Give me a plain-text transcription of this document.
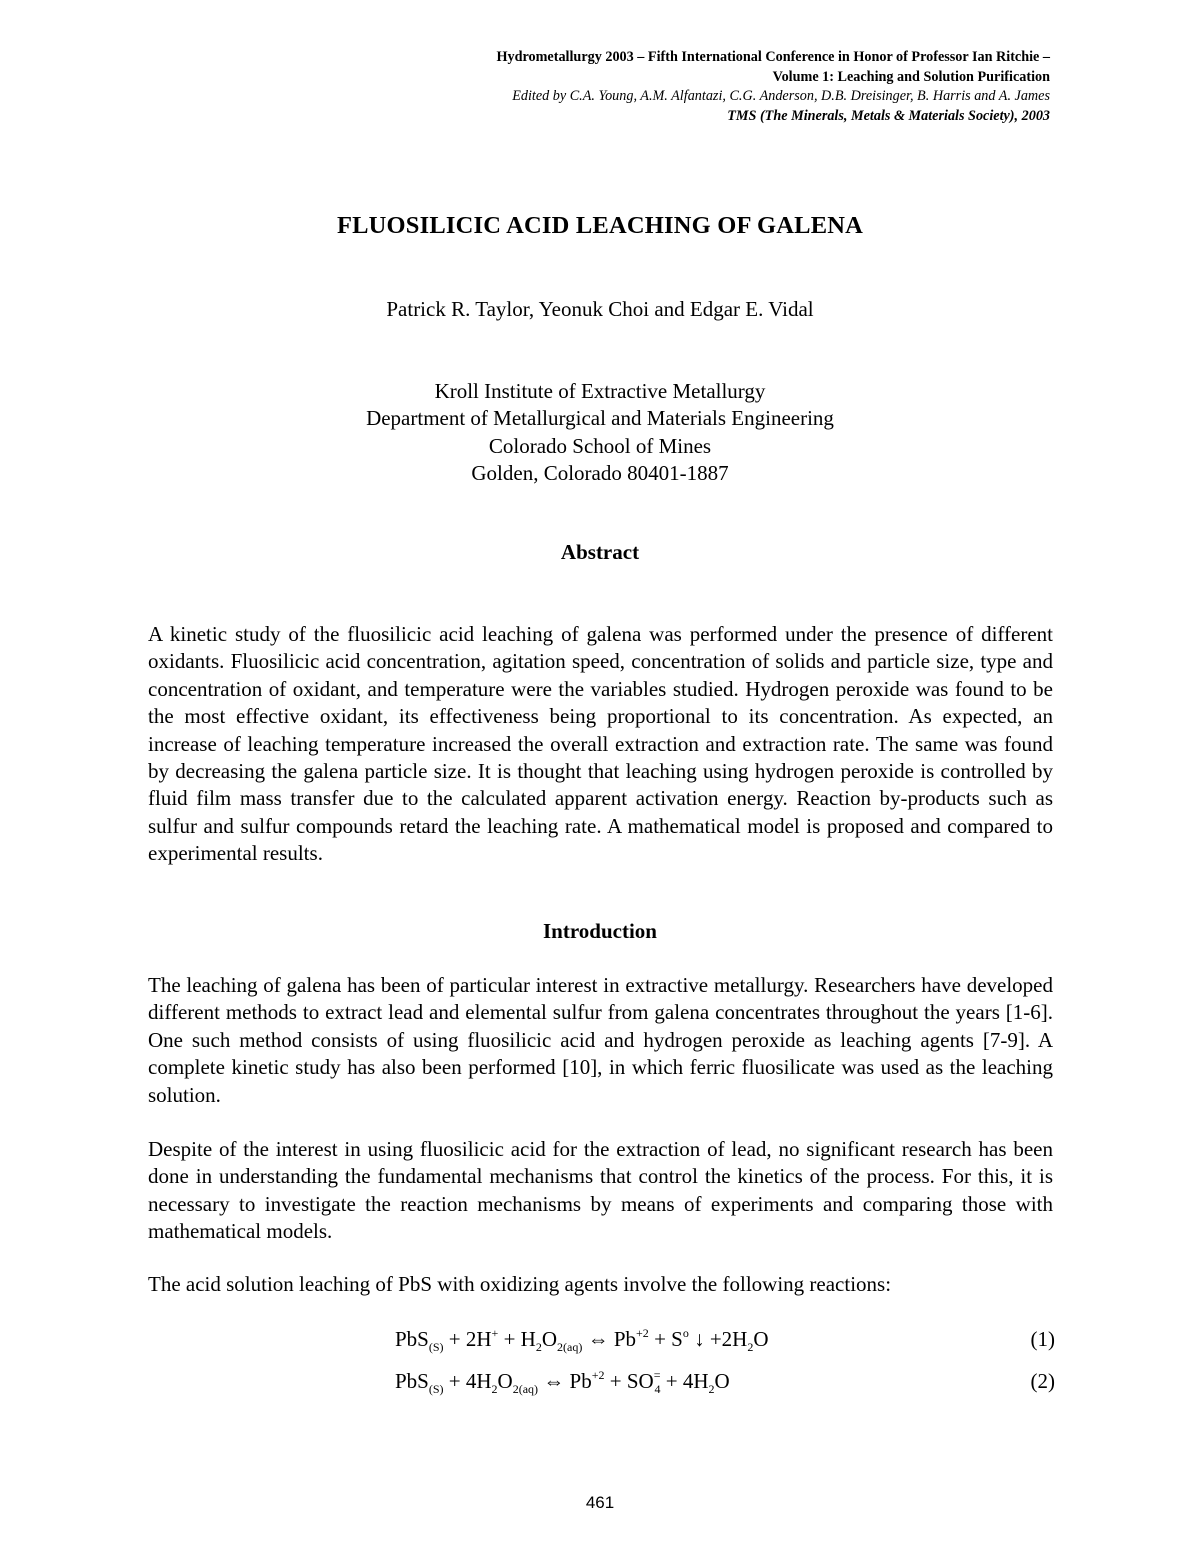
Hydrometallurgy 2003 – Fifth International Conference in Honor of Professor Ian Ritchie –
Volume 1: Leaching and Solution Purification
Edited by C.A. Young, A.M. Alfantazi, C.G. Anderson, D.B. Dreisinger, B. Harris and A. James
TMS (The Minerals, Metals & Materials Society), 2003
FLUOSILICIC ACID LEACHING OF GALENA
Patrick R. Taylor, Yeonuk Choi and Edgar E. Vidal
Kroll Institute of Extractive Metallurgy
Department of Metallurgical and Materials Engineering
Colorado School of Mines
Golden, Colorado 80401-1887
Abstract

A kinetic study of the fluosilicic acid leaching of galena was performed under the presence of different oxidants. Fluosilicic acid concentration, agitation speed, concentration of solids and particle size, type and concentration of oxidant, and temperature were the variables studied. Hydrogen peroxide was found to be the most effective oxidant, its effectiveness being proportional to its concentration. As expected, an increase of leaching temperature increased the overall extraction and extraction rate. The same was found by decreasing the galena particle size. It is thought that leaching using hydrogen peroxide is controlled by fluid film mass transfer due to the calculated apparent activation energy. Reaction by-products such as sulfur and sulfur compounds retard the leaching rate. A mathematical model is proposed and compared to experimental results.

Introduction

The leaching of galena has been of particular interest in extractive metallurgy. Researchers have developed different methods to extract lead and elemental sulfur from galena concentrates throughout the years [1-6]. One such method consists of using fluosilicic acid and hydrogen peroxide as leaching agents [7-9]. A complete kinetic study has also been performed [10], in which ferric fluosilicate was used as the leaching solution.

Despite of the interest in using fluosilicic acid for the extraction of lead, no significant research has been done in understanding the fundamental mechanisms that control the kinetics of the process. For this, it is necessary to investigate the reaction mechanisms by means of experiments and comparing those with mathematical models.

The acid solution leaching of PbS with oxidizing agents involve the following reactions:

$PbS_{(S)} + 2H^+ + H_2O_{2(aq)}$ ⇔ $Pb^{+2} + S^o$ ↓ $+2H_2O$	(1)
$PbS_{(S)} + 4H_2O_{2(aq)}$ ⇔ $Pb^{+2} + SO^=_4 + 4H_2O$	(2)
461
